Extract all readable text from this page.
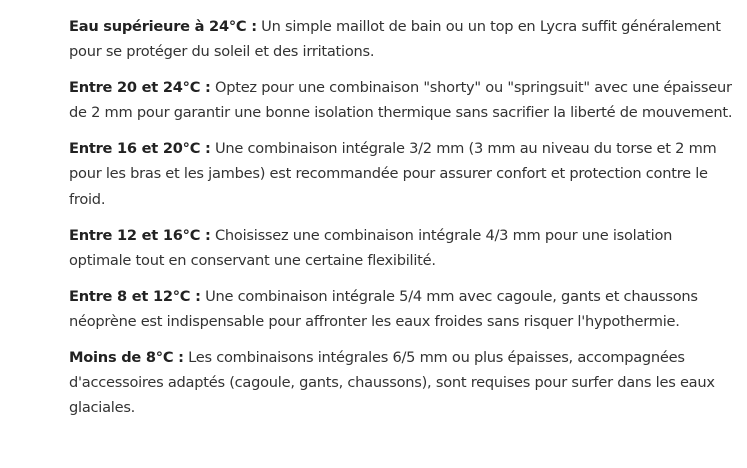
Eau supérieure à 24°C : Un simple maillot de bain ou un top en Lycra suffit généralement pour se protéger du soleil et des irritations.

Entre 20 et 24°C : Optez pour une combinaison "shorty" ou "springsuit" avec une épaisseur de 2 mm pour garantir une bonne isolation thermique sans sacrifier la liberté de mouvement.

Entre 16 et 20°C : Une combinaison intégrale 3/2 mm (3 mm au niveau du torse et 2 mm pour les bras et les jambes) est recommandée pour assurer confort et protection contre le froid.

Entre 12 et 16°C : Choisissez une combinaison intégrale 4/3 mm pour une isolation optimale tout en conservant une certaine flexibilité.

Entre 8 et 12°C : Une combinaison intégrale 5/4 mm avec cagoule, gants et chaussons néoprène est indispensable pour affronter les eaux froides sans risquer l'hypothermie.

Moins de 8°C : Les combinaisons intégrales 6/5 mm ou plus épaisses, accompagnées d'accessoires adaptés (cagoule, gants, chaussons), sont requises pour surfer dans les eaux glaciales.
